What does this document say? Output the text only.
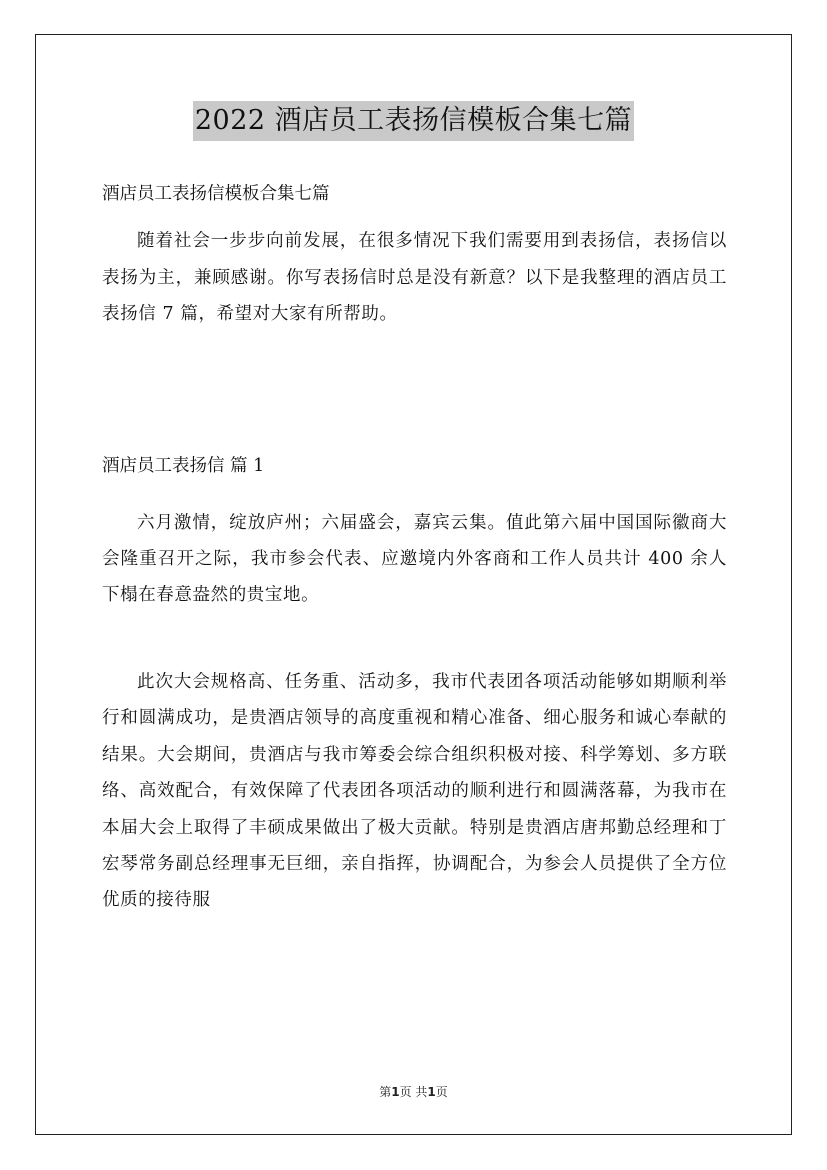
2022 酒店员工表扬信模板合集七篇
酒店员工表扬信模板合集七篇

随着社会一步步向前发展，在很多情况下我们需要用到表扬信，表扬信以表扬为主，兼顾感谢。你写表扬信时总是没有新意？以下是我整理的酒店员工表扬信 7 篇，希望对大家有所帮助。

酒店员工表扬信 篇 1

六月激情，绽放庐州；六届盛会，嘉宾云集。值此第六届中国国际徽商大会隆重召开之际，我市参会代表、应邀境内外客商和工作人员共计 400 余人下榻在春意盎然的贵宝地。

此次大会规格高、任务重、活动多，我市代表团各项活动能够如期顺利举行和圆满成功，是贵酒店领导的高度重视和精心准备、细心服务和诚心奉献的结果。大会期间，贵酒店与我市筹委会综合组织积极对接、科学筹划、多方联络、高效配合，有效保障了代表团各项活动的顺利进行和圆满落幕，为我市在本届大会上取得了丰硕成果做出了极大贡献。特别是贵酒店唐邦勤总经理和丁宏琴常务副总经理事无巨细，亲自指挥，协调配合，为参会人员提供了全方位优质的接待服

第1页 共1页
